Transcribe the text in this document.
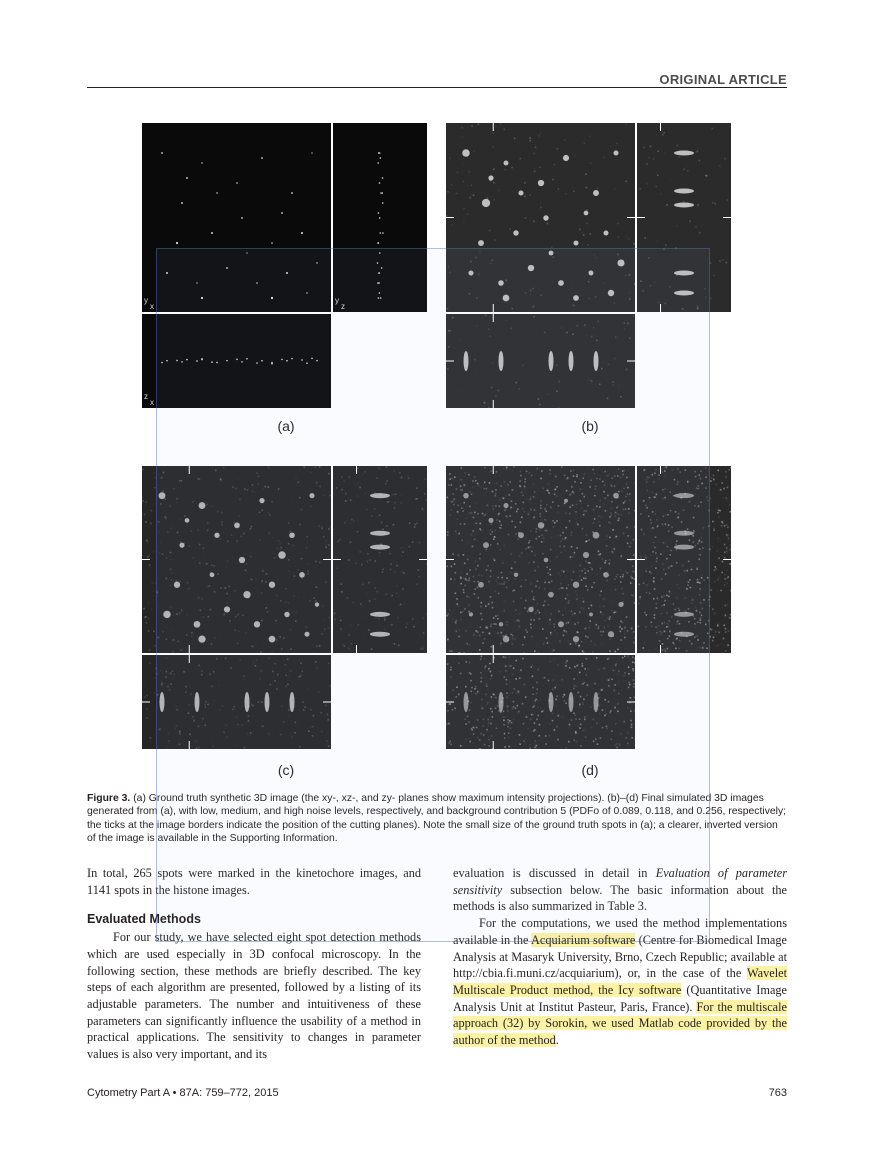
ORIGINAL ARTICLE
y
x
y
z
z
x
(a)	(b)
(c)	(d)
Figure 3. (a) Ground truth synthetic 3D image (the xy-, xz-, and zy- planes show maximum intensity projections). (b)–(d) Final simulated 3D images generated from (a), with low, medium, and high noise levels, respectively, and background contribution 5 (PDFo of 0.089, 0.118, and 0.256, respectively; the ticks at the image borders indicate the position of the cutting planes). Note the small size of the ground truth spots in (a); a clearer, inverted version of the image is available in the Supporting Information.

In total, 265 spots were marked in the kinetochore images, and 1141 spots in the histone images.

Evaluated Methods

For our study, we have selected eight spot detection methods which are used especially in 3D confocal microscopy. In the following section, these methods are briefly described. The key steps of each algorithm are presented, followed by a listing of its adjustable parameters. The number and intuitiveness of these parameters can significantly influence the usability of a method in practical applications. The sensitivity to changes in parameter values is also very important, and its

evaluation is discussed in detail in Evaluation of parameter sensitivity subsection below. The basic information about the methods is also summarized in Table 3.

For the computations, we used the method implementations available in the Acquiarium software (Centre for Biomedical Image Analysis at Masaryk University, Brno, Czech Republic; available at http://cbia.fi.muni.cz/acquiarium), or, in the case of the Wavelet Multiscale Product method, the Icy software (Quantitative Image Analysis Unit at Institut Pasteur, Paris, France). For the multiscale approach (32) by Sorokin, we used Matlab code provided by the author of the method.

Cytometry Part A • 87A: 759–772, 2015	763
